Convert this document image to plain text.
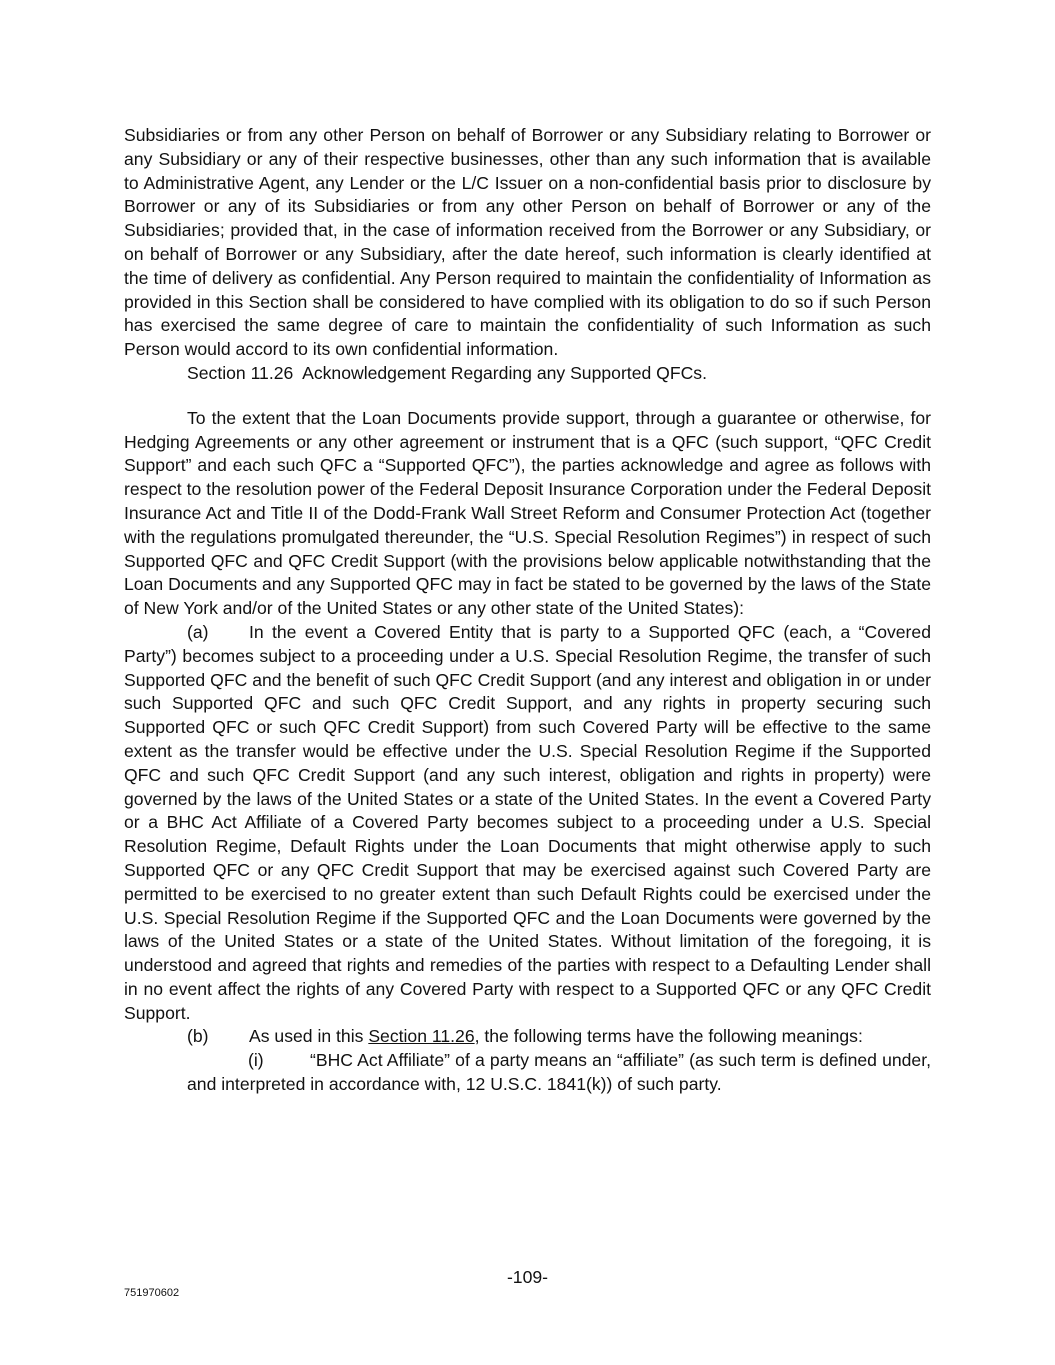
Subsidiaries or from any other Person on behalf of Borrower or any Subsidiary relating to Borrower or any Subsidiary or any of their respective businesses, other than any such information that is available to Administrative Agent, any Lender or the L/C Issuer on a non-confidential basis prior to disclosure by Borrower or any of its Subsidiaries or from any other Person on behalf of Borrower or any of the Subsidiaries; provided that, in the case of information received from the Borrower or any Subsidiary, or on behalf of Borrower or any Subsidiary, after the date hereof, such information is clearly identified at the time of delivery as confidential. Any Person required to maintain the confidentiality of Information as provided in this Section shall be considered to have complied with its obligation to do so if such Person has exercised the same degree of care to maintain the confidentiality of such Information as such Person would accord to its own confidential information.

Section 11.26  Acknowledgement Regarding any Supported QFCs.

To the extent that the Loan Documents provide support, through a guarantee or otherwise, for Hedging Agreements or any other agreement or instrument that is a QFC (such support, “QFC Credit Support” and each such QFC a “Supported QFC”), the parties acknowledge and agree as follows with respect to the resolution power of the Federal Deposit Insurance Corporation under the Federal Deposit Insurance Act and Title II of the Dodd-Frank Wall Street Reform and Consumer Protection Act (together with the regulations promulgated thereunder, the “U.S. Special Resolution Regimes”) in respect of such Supported QFC and QFC Credit Support (with the provisions below applicable notwithstanding that the Loan Documents and any Supported QFC may in fact be stated to be governed by the laws of the State of New York and/or of the United States or any other state of the United States):

(a) In the event a Covered Entity that is party to a Supported QFC (each, a “Covered Party”) becomes subject to a proceeding under a U.S. Special Resolution Regime, the transfer of such Supported QFC and the benefit of such QFC Credit Support (and any interest and obligation in or under such Supported QFC and such QFC Credit Support, and any rights in property securing such Supported QFC or such QFC Credit Support) from such Covered Party will be effective to the same extent as the transfer would be effective under the U.S. Special Resolution Regime if the Supported QFC and such QFC Credit Support (and any such interest, obligation and rights in property) were governed by the laws of the United States or a state of the United States. In the event a Covered Party or a BHC Act Affiliate of a Covered Party becomes subject to a proceeding under a U.S. Special Resolution Regime, Default Rights under the Loan Documents that might otherwise apply to such Supported QFC or any QFC Credit Support that may be exercised against such Covered Party are permitted to be exercised to no greater extent than such Default Rights could be exercised under the U.S. Special Resolution Regime if the Supported QFC and the Loan Documents were governed by the laws of the United States or a state of the United States. Without limitation of the foregoing, it is understood and agreed that rights and remedies of the parties with respect to a Defaulting Lender shall in no event affect the rights of any Covered Party with respect to a Supported QFC or any QFC Credit Support.

(b) As used in this Section 11.26, the following terms have the following meanings:

(i)	“BHC Act Affiliate” of a party means an “affiliate” (as such term is defined under, and interpreted in accordance with, 12 U.S.C. 1841(k)) of such party.

-109-
751970602
